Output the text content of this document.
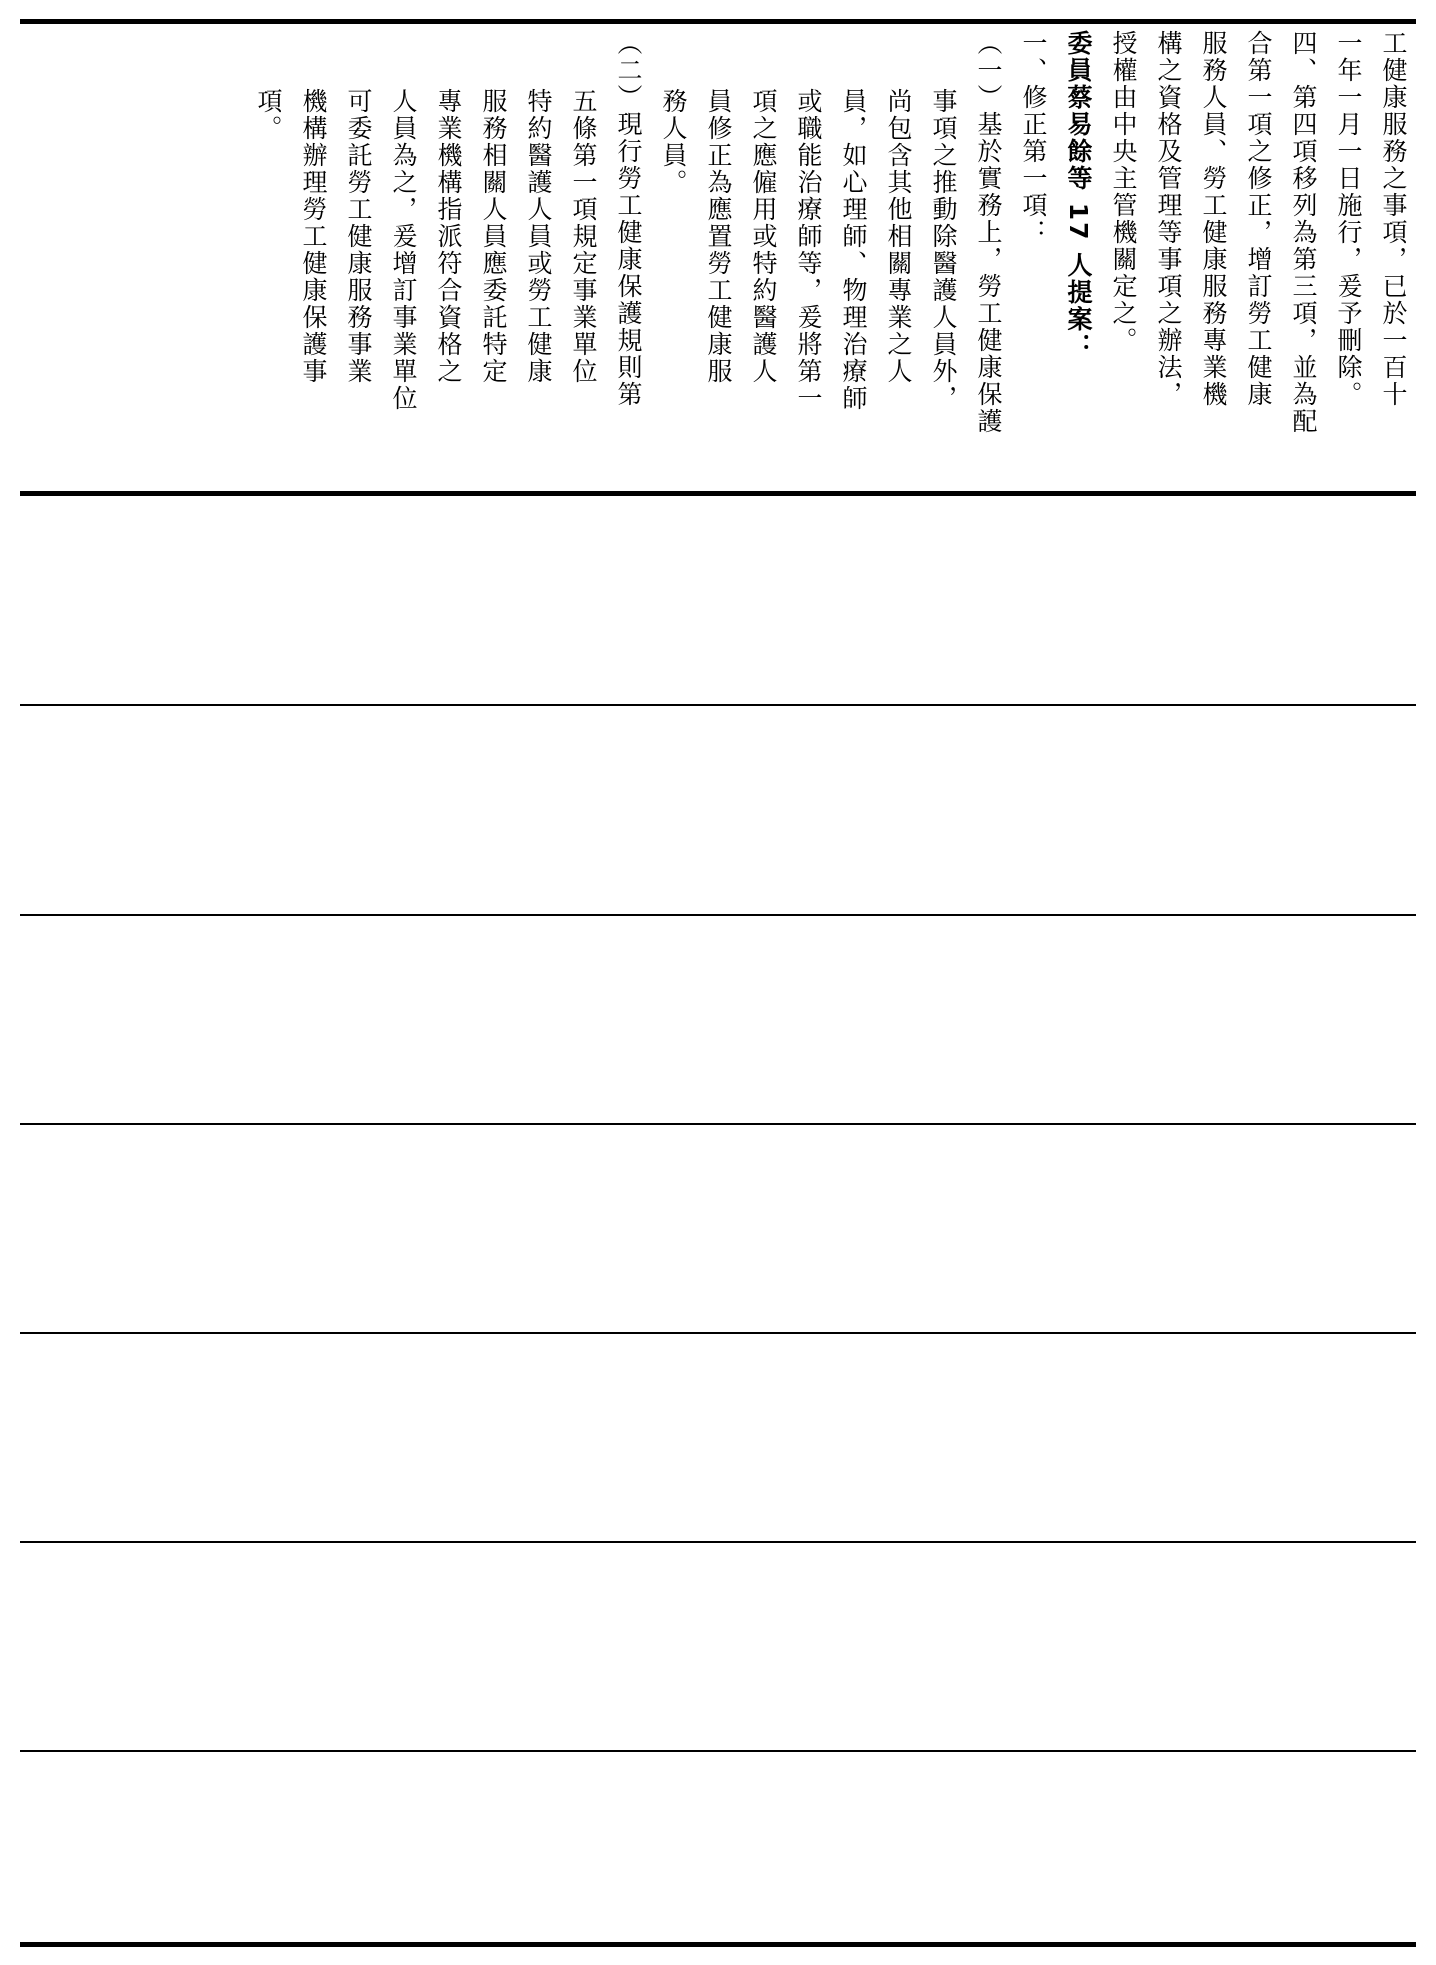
工健康服務之事項，已於一百十
一年一月一日施行，爰予刪除。
四、第四項移列為第三項，並為配
合第一項之修正，增訂勞工健康
服務人員、勞工健康服務專業機
構之資格及管理等事項之辦法，
授權由中央主管機關定之。
委員蔡易餘等 17 人提案：
一、修正第一項：
（一）基於實務上，勞工健康保護
事項之推動除醫護人員外，
尚包含其他相關專業之人
員，如心理師、物理治療師
或職能治療師等，爰將第一
項之應僱用或特約醫護人
員修正為應置勞工健康服
務人員。
（二）現行勞工健康保護規則第
五條第一項規定事業單位
特約醫護人員或勞工健康
服務相關人員應委託特定
專業機構指派符合資格之
人員為之，爰增訂事業單位
可委託勞工健康服務事業
機構辦理勞工健康保護事
項。
